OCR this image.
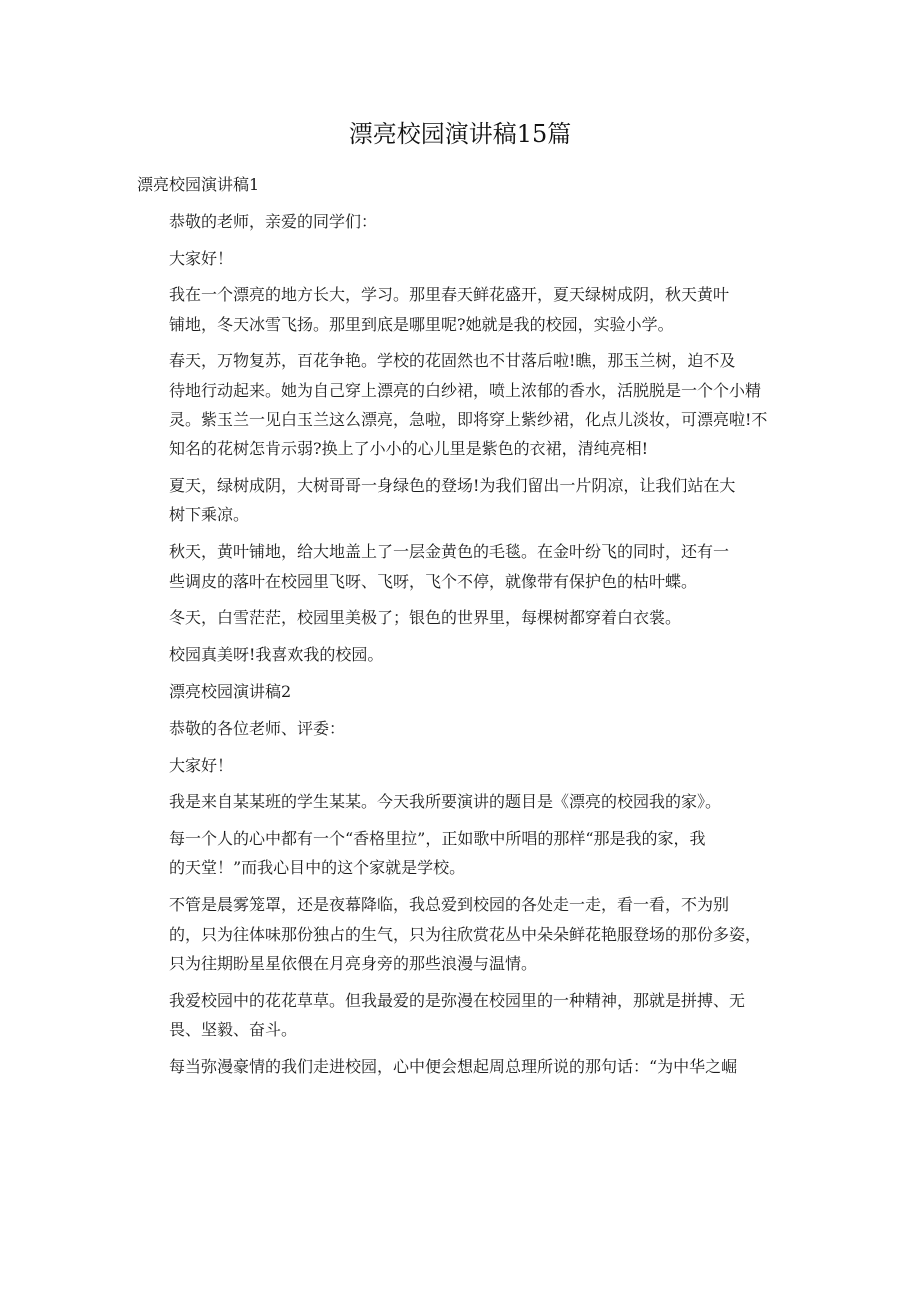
漂亮校园演讲稿15篇

漂亮校园演讲稿1

恭敬的老师，亲爱的同学们：

大家好！

我在一个漂亮的地方长大，学习。那里春天鲜花盛开，夏天绿树成阴，秋天黄叶
铺地，冬天冰雪飞扬。那里到底是哪里呢?她就是我的校园，实验小学。

春天，万物复苏，百花争艳。学校的花固然也不甘落后啦!瞧，那玉兰树，迫不及
待地行动起来。她为自己穿上漂亮的白纱裙，喷上浓郁的香水，活脱脱是一个个小精
灵。紫玉兰一见白玉兰这么漂亮，急啦，即将穿上紫纱裙，化点儿淡妆，可漂亮啦!不
知名的花树怎肯示弱?换上了小小的心儿里是紫色的衣裙，清纯亮相!

夏天，绿树成阴，大树哥哥一身绿色的登场!为我们留出一片阴凉，让我们站在大
树下乘凉。

秋天，黄叶铺地，给大地盖上了一层金黄色的毛毯。在金叶纷飞的同时，还有一
些调皮的落叶在校园里飞呀、飞呀，飞个不停，就像带有保护色的枯叶蝶。

冬天，白雪茫茫，校园里美极了；银色的世界里，每棵树都穿着白衣裳。

校园真美呀!我喜欢我的校园。

漂亮校园演讲稿2

恭敬的各位老师、评委：

大家好！

我是来自某某班的学生某某。今天我所要演讲的题目是《漂亮的校园我的家》。

每一个人的心中都有一个“香格里拉”，正如歌中所唱的那样“那是我的家，我
的天堂！”而我心目中的这个家就是学校。

不管是晨雾笼罩，还是夜幕降临，我总爱到校园的各处走一走，看一看，不为别
的，只为往体味那份独占的生气，只为往欣赏花丛中朵朵鲜花艳服登场的那份多姿，
只为往期盼星星依偎在月亮身旁的那些浪漫与温情。

我爱校园中的花花草草。但我最爱的是弥漫在校园里的一种精神，那就是拼搏、无
畏、坚毅、奋斗。

每当弥漫豪情的我们走进校园，心中便会想起周总理所说的那句话：“为中华之崛
